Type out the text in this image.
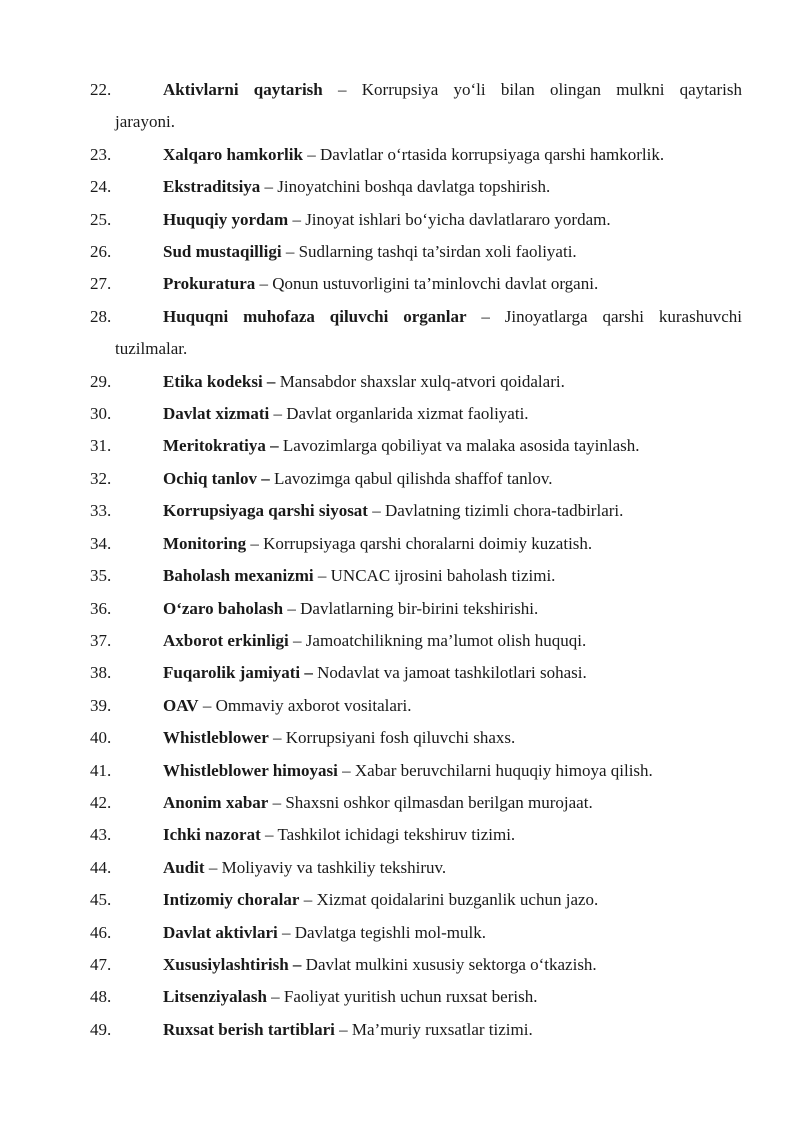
22.	Aktivlarni qaytarish – Korrupsiya yo‘li bilan olingan mulkni qaytarish
jarayoni.
23.	Xalqaro hamkorlik – Davlatlar o‘rtasida korrupsiyaga qarshi hamkorlik.
24.	Ekstraditsiya – Jinoyatchini boshqa davlatga topshirish.
25.	Huquqiy yordam – Jinoyat ishlari bo‘yicha davlatlararo yordam.
26.	Sud mustaqilligi – Sudlarning tashqi ta’sirdan xoli faoliyati.
27.	Prokuratura – Qonun ustuvorligini ta’minlovchi davlat organi.
28.	Huquqni muhofaza qiluvchi organlar – Jinoyatlarga qarshi kurashuvchi
tuzilmalar.
29.	Etika kodeksi – Mansabdor shaxslar xulq-atvori qoidalari.
30.	Davlat xizmati – Davlat organlarida xizmat faoliyati.
31.	Meritokratiya – Lavozimlarga qobiliyat va malaka asosida tayinlash.
32.	Ochiq tanlov – Lavozimga qabul qilishda shaffof tanlov.
33.	Korrupsiyaga qarshi siyosat – Davlatning tizimli chora-tadbirlari.
34.	Monitoring – Korrupsiyaga qarshi choralarni doimiy kuzatish.
35.	Baholash mexanizmi – UNCAC ijrosini baholash tizimi.
36.	O‘zaro baholash – Davlatlarning bir-birini tekshirishi.
37.	Axborot erkinligi – Jamoatchilikning ma’lumot olish huquqi.
38.	Fuqarolik jamiyati – Nodavlat va jamoat tashkilotlari sohasi.
39.	OAV – Ommaviy axborot vositalari.
40.	Whistleblower – Korrupsiyani fosh qiluvchi shaxs.
41.	Whistleblower himoyasi – Xabar beruvchilarni huquqiy himoya qilish.
42.	Anonim xabar – Shaxsni oshkor qilmasdan berilgan murojaat.
43.	Ichki nazorat – Tashkilot ichidagi tekshiruv tizimi.
44.	Audit – Moliyaviy va tashkiliy tekshiruv.
45.	Intizomiy choralar – Xizmat qoidalarini buzganlik uchun jazo.
46.	Davlat aktivlari – Davlatga tegishli mol-mulk.
47.	Xususiylashtirish – Davlat mulkini xususiy sektorga o‘tkazish.
48.	Litsenziyalash – Faoliyat yuritish uchun ruxsat berish.
49.	Ruxsat berish tartiblari – Ma’muriy ruxsatlar tizimi.
